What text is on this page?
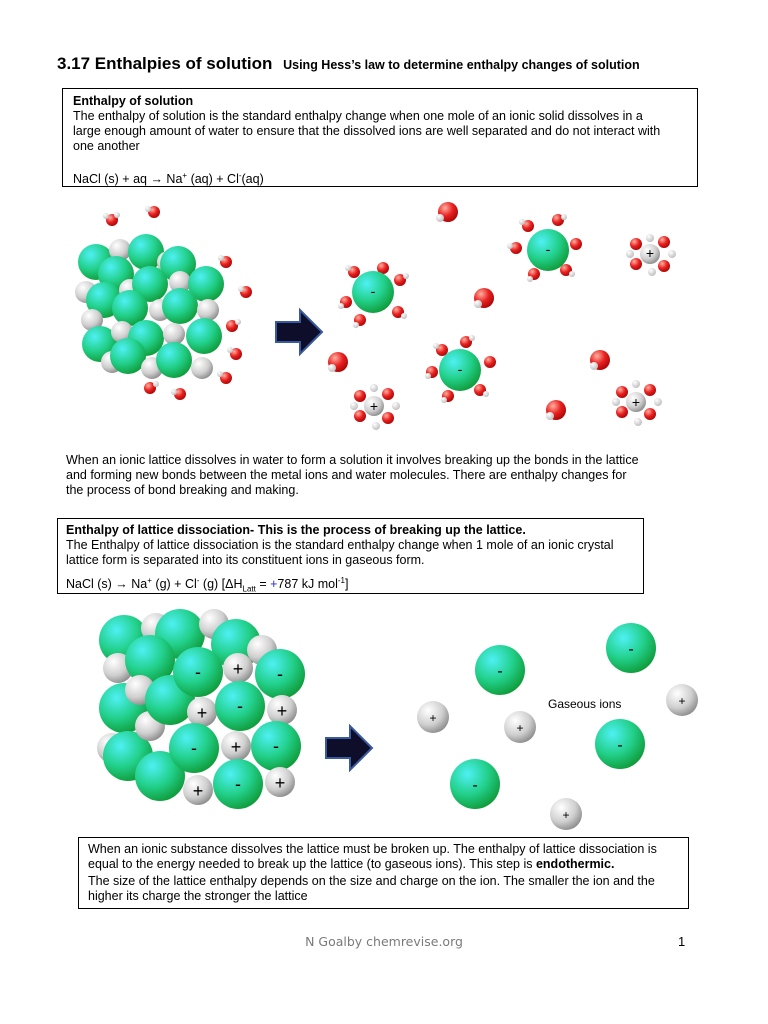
3.17 Enthalpies of solution Using Hess’s law to determine enthalpy changes of solution
Enthalpy of solution
The enthalpy of solution is the standard enthalpy change when one mole of an ionic solid dissolves in a
large enough amount of water to ensure that the dissolved ions are well separated and do not interact with
one another
NaCl (s) + aq → Na+ (aq) + Cl-(aq)
-
-
-
+
+	+
When an ionic lattice dissolves in water to form a solution it involves breaking up the bonds in the lattice
and forming new bonds between the metal ions and water molecules. There are enthalpy changes for
the process of bond breaking and making.
Enthalpy of lattice dissociation- This is the process of breaking up the lattice.
The Enthalpy of lattice dissociation is the standard enthalpy change when 1 mole of an ionic crystal
lattice form is separated into its constituent ions in gaseous form.
NaCl (s) → Na+ (g) + Cl- (g) [$\Delta H_{Latt} = +787$ kJ mol$^{-1}$]
- + -
+ - +
- + -
+ - +
-
-
-
-
+
+
+
+
Gaseous ions
When an ionic substance dissolves the lattice must be broken up. The enthalpy of lattice dissociation is
equal to the energy needed to break up the lattice (to gaseous ions). This step is endothermic.
The size of the lattice enthalpy depends on the size and charge on the ion. The smaller the ion and the
higher its charge the stronger the lattice
N Goalby chemrevise.org	1
